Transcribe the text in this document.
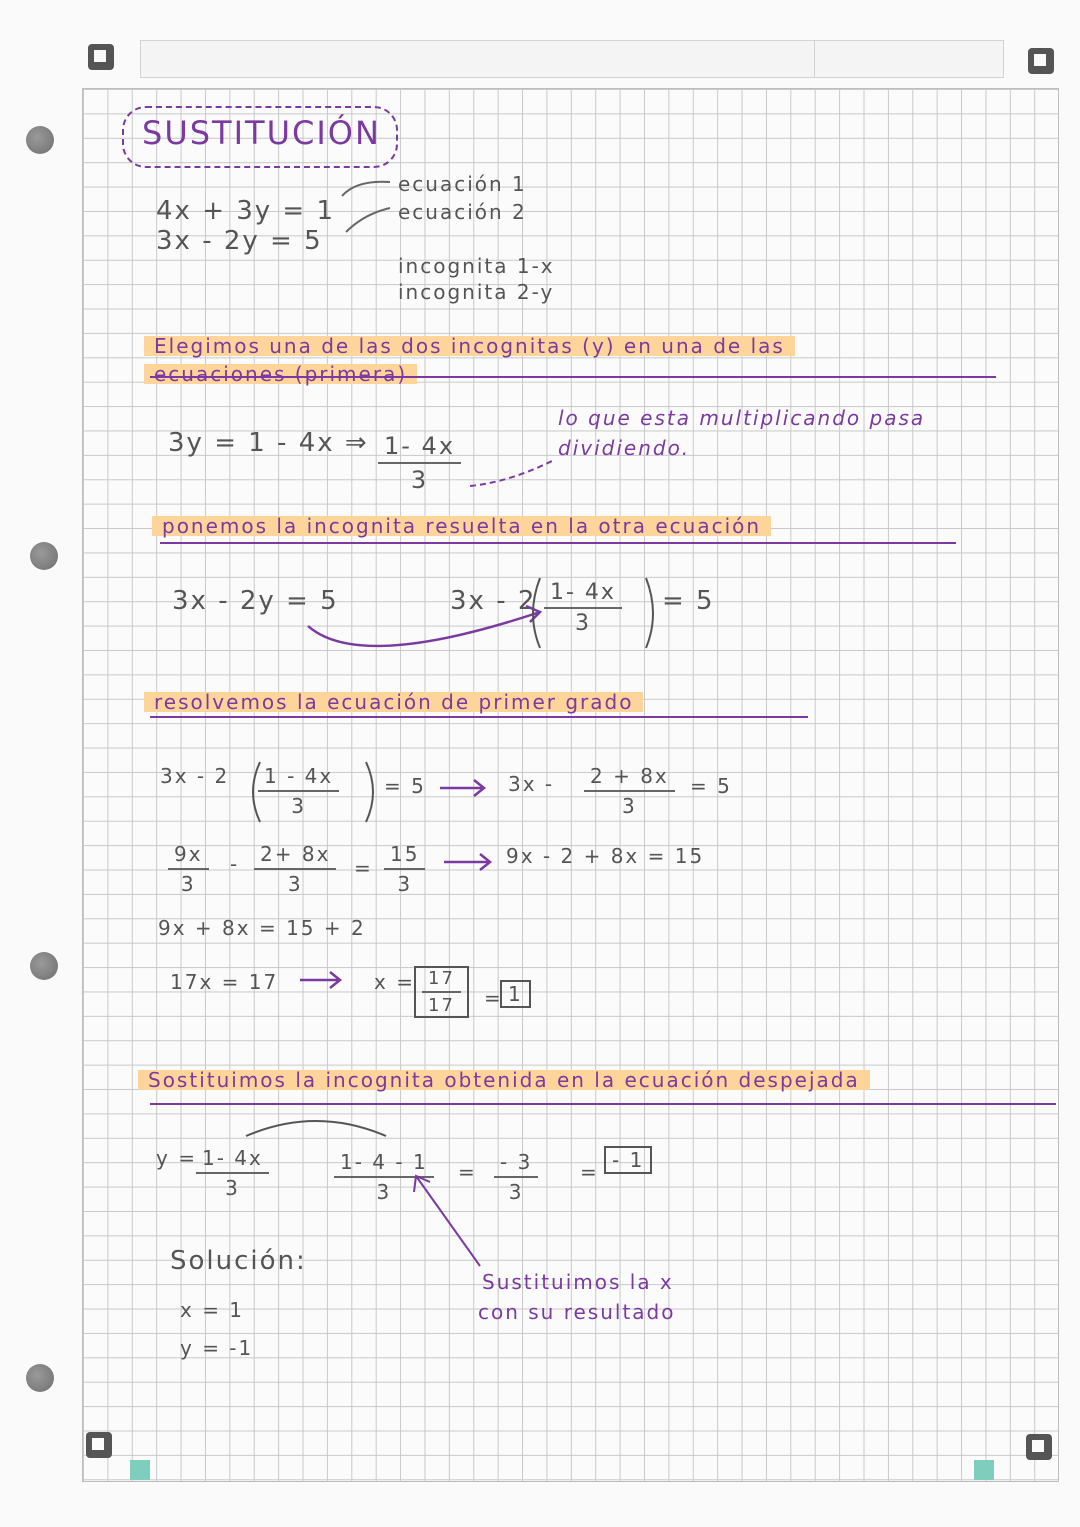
SUSTITUCIÓN
4x + 3y = 1
3x - 2y = 5
ecuación 1
ecuación 2
incognita 1-x
incognita 2-y
Elegimos una de las dos incognitas (y) en una de las
ecuaciones (primera)
3y = 1 - 4x ⇒ $\frac{1- 4x}{3}$
lo que esta multiplicando pasa
dividiendo.
ponemos la incognita resuelta en la otra ecuación
3x - 2y = 5	$3x - 2 \frac{1- 4x}{3} = 5$
resolvemos la ecuación de primer grado
$3x - 2 \frac{1 - 4x}{3} = 5$	$3x - \frac{2 + 8x}{3} = 5$
$\frac{9x}{3} - \frac{2+ 8x}{3} = \frac{15}{3}$	9x - 2 + 8x = 15
9x + 8x = 15 + 2
17x = 17	$x = \frac{17}{17} = 1$
Sostituimos la incognita obtenida en la ecuación despejada
$y = \frac{1- 4x}{3}$	$\frac{1- 4 - 1}{3} = \frac{- 3}{3}$ = - 1
Sustituimos la x
con su resultado
Solución:
x = 1
y = -1
